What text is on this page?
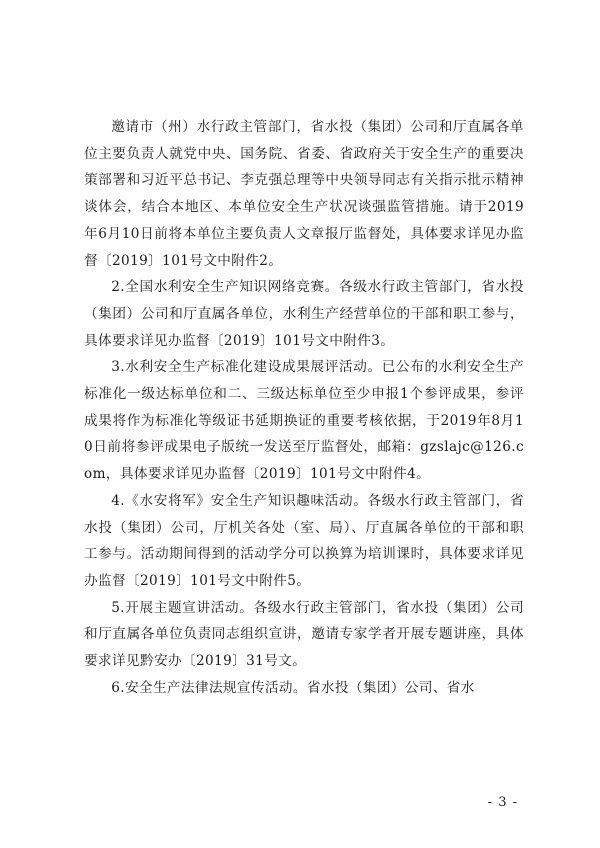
邀请市（州）水行政主管部门，省水投（集团）公司和厅直属各单位主要负责人就党中央、国务院、省委、省政府关于安全生产的重要决策部署和习近平总书记、李克强总理等中央领导同志有关指示批示精神谈体会，结合本地区、本单位安全生产状况谈强监管措施。请于2019年6月10日前将本单位主要负责人文章报厅监督处，具体要求详见办监督〔2019〕101号文中附件2。

2.全国水利安全生产知识网络竞赛。各级水行政主管部门，省水投（集团）公司和厅直属各单位，水利生产经营单位的干部和职工参与，具体要求详见办监督〔2019〕101号文中附件3。

3.水利安全生产标准化建设成果展评活动。已公布的水利安全生产标准化一级达标单位和二、三级达标单位至少申报1个参评成果，参评成果将作为标准化等级证书延期换证的重要考核依据，于2019年8月10日前将参评成果电子版统一发送至厅监督处，邮箱：gzslajc@126.com，具体要求详见办监督〔2019〕101号文中附件4。

4.《水安将军》安全生产知识趣味活动。各级水行政主管部门，省水投（集团）公司，厅机关各处（室、局）、厅直属各单位的干部和职工参与。活动期间得到的活动学分可以换算为培训课时，具体要求详见办监督〔2019〕101号文中附件5。

5.开展主题宣讲活动。各级水行政主管部门，省水投（集团）公司和厅直属各单位负责同志组织宣讲，邀请专家学者开展专题讲座，具体要求详见黔安办〔2019〕31号文。

6.安全生产法律法规宣传活动。省水投（集团）公司、省水

- 3 -
